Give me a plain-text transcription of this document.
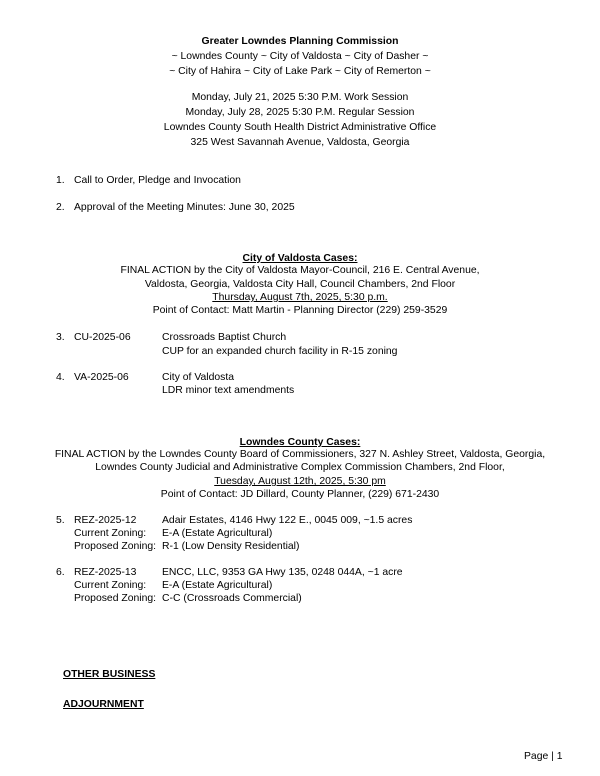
Greater Lowndes Planning Commission
~ Lowndes County ~ City of Valdosta ~ City of Dasher ~
~ City of Hahira ~ City of Lake Park ~ City of Remerton ~
Monday, July 21, 2025 5:30 P.M. Work Session
Monday, July 28, 2025 5:30 P.M. Regular Session
Lowndes County South Health District Administrative Office
325 West Savannah Avenue, Valdosta, Georgia
1. Call to Order, Pledge and Invocation
2. Approval of the Meeting Minutes: June 30, 2025
City of Valdosta Cases:
FINAL ACTION by the City of Valdosta Mayor-Council, 216 E. Central Avenue,
Valdosta, Georgia, Valdosta City Hall, Council Chambers, 2nd Floor
Thursday, August 7th, 2025, 5:30 p.m.
Point of Contact: Matt Martin - Planning Director (229) 259-3529
3. CU-2025-06	Crossroads Baptist Church
CUP for an expanded church facility in R-15 zoning
4. VA-2025-06	City of Valdosta
LDR minor text amendments
Lowndes County Cases:
FINAL ACTION by the Lowndes County Board of Commissioners, 327 N. Ashley Street, Valdosta, Georgia,
Lowndes County Judicial and Administrative Complex Commission Chambers, 2nd Floor,
Tuesday, August 12th, 2025, 5:30 pm
Point of Contact: JD Dillard, County Planner, (229) 671-2430
5. REZ-2025-12 Adair Estates, 4146 Hwy 122 E., 0045 009, ~1.5 acres
Current Zoning: E-A (Estate Agricultural)
Proposed Zoning: R-1 (Low Density Residential)
6. REZ-2025-13 ENCC, LLC, 9353 GA Hwy 135, 0248 044A, ~1 acre
Current Zoning: E-A (Estate Agricultural)
Proposed Zoning: C-C (Crossroads Commercial)
OTHER BUSINESS
ADJOURNMENT
Page | 1
